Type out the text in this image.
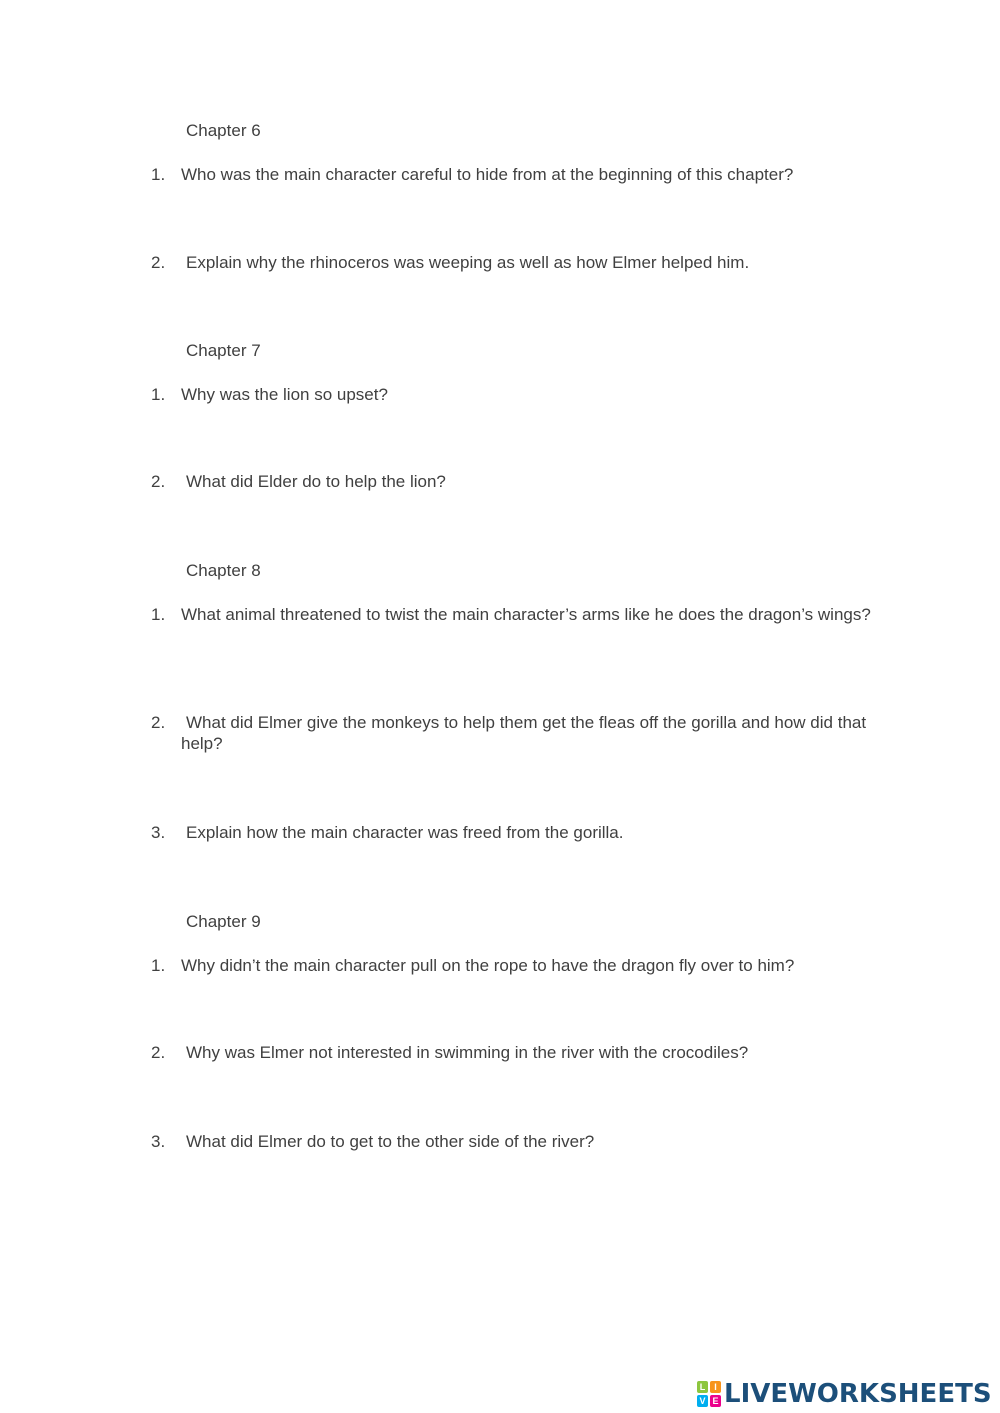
Chapter 6
1. Who was the main character careful to hide from at the beginning of this chapter?
2. Explain why the rhinoceros was weeping as well as how Elmer helped him.
Chapter 7
1. Why was the lion so upset?
2. What did Elder do to help the lion?
Chapter 8
1. What animal threatened to twist the main character’s arms like he does the dragon’s wings?
2. What did Elmer give the monkeys to help them get the fleas off the gorilla and how did that help?
3. Explain how the main character was freed from the gorilla.
Chapter 9
1. Why didn’t the main character pull on the rope to have the dragon fly over to him?
2. Why was Elmer not interested in swimming in the river with the crocodiles?
3. What did Elmer do to get to the other side of the river?
L I
V E LIVEWORKSHEETS
